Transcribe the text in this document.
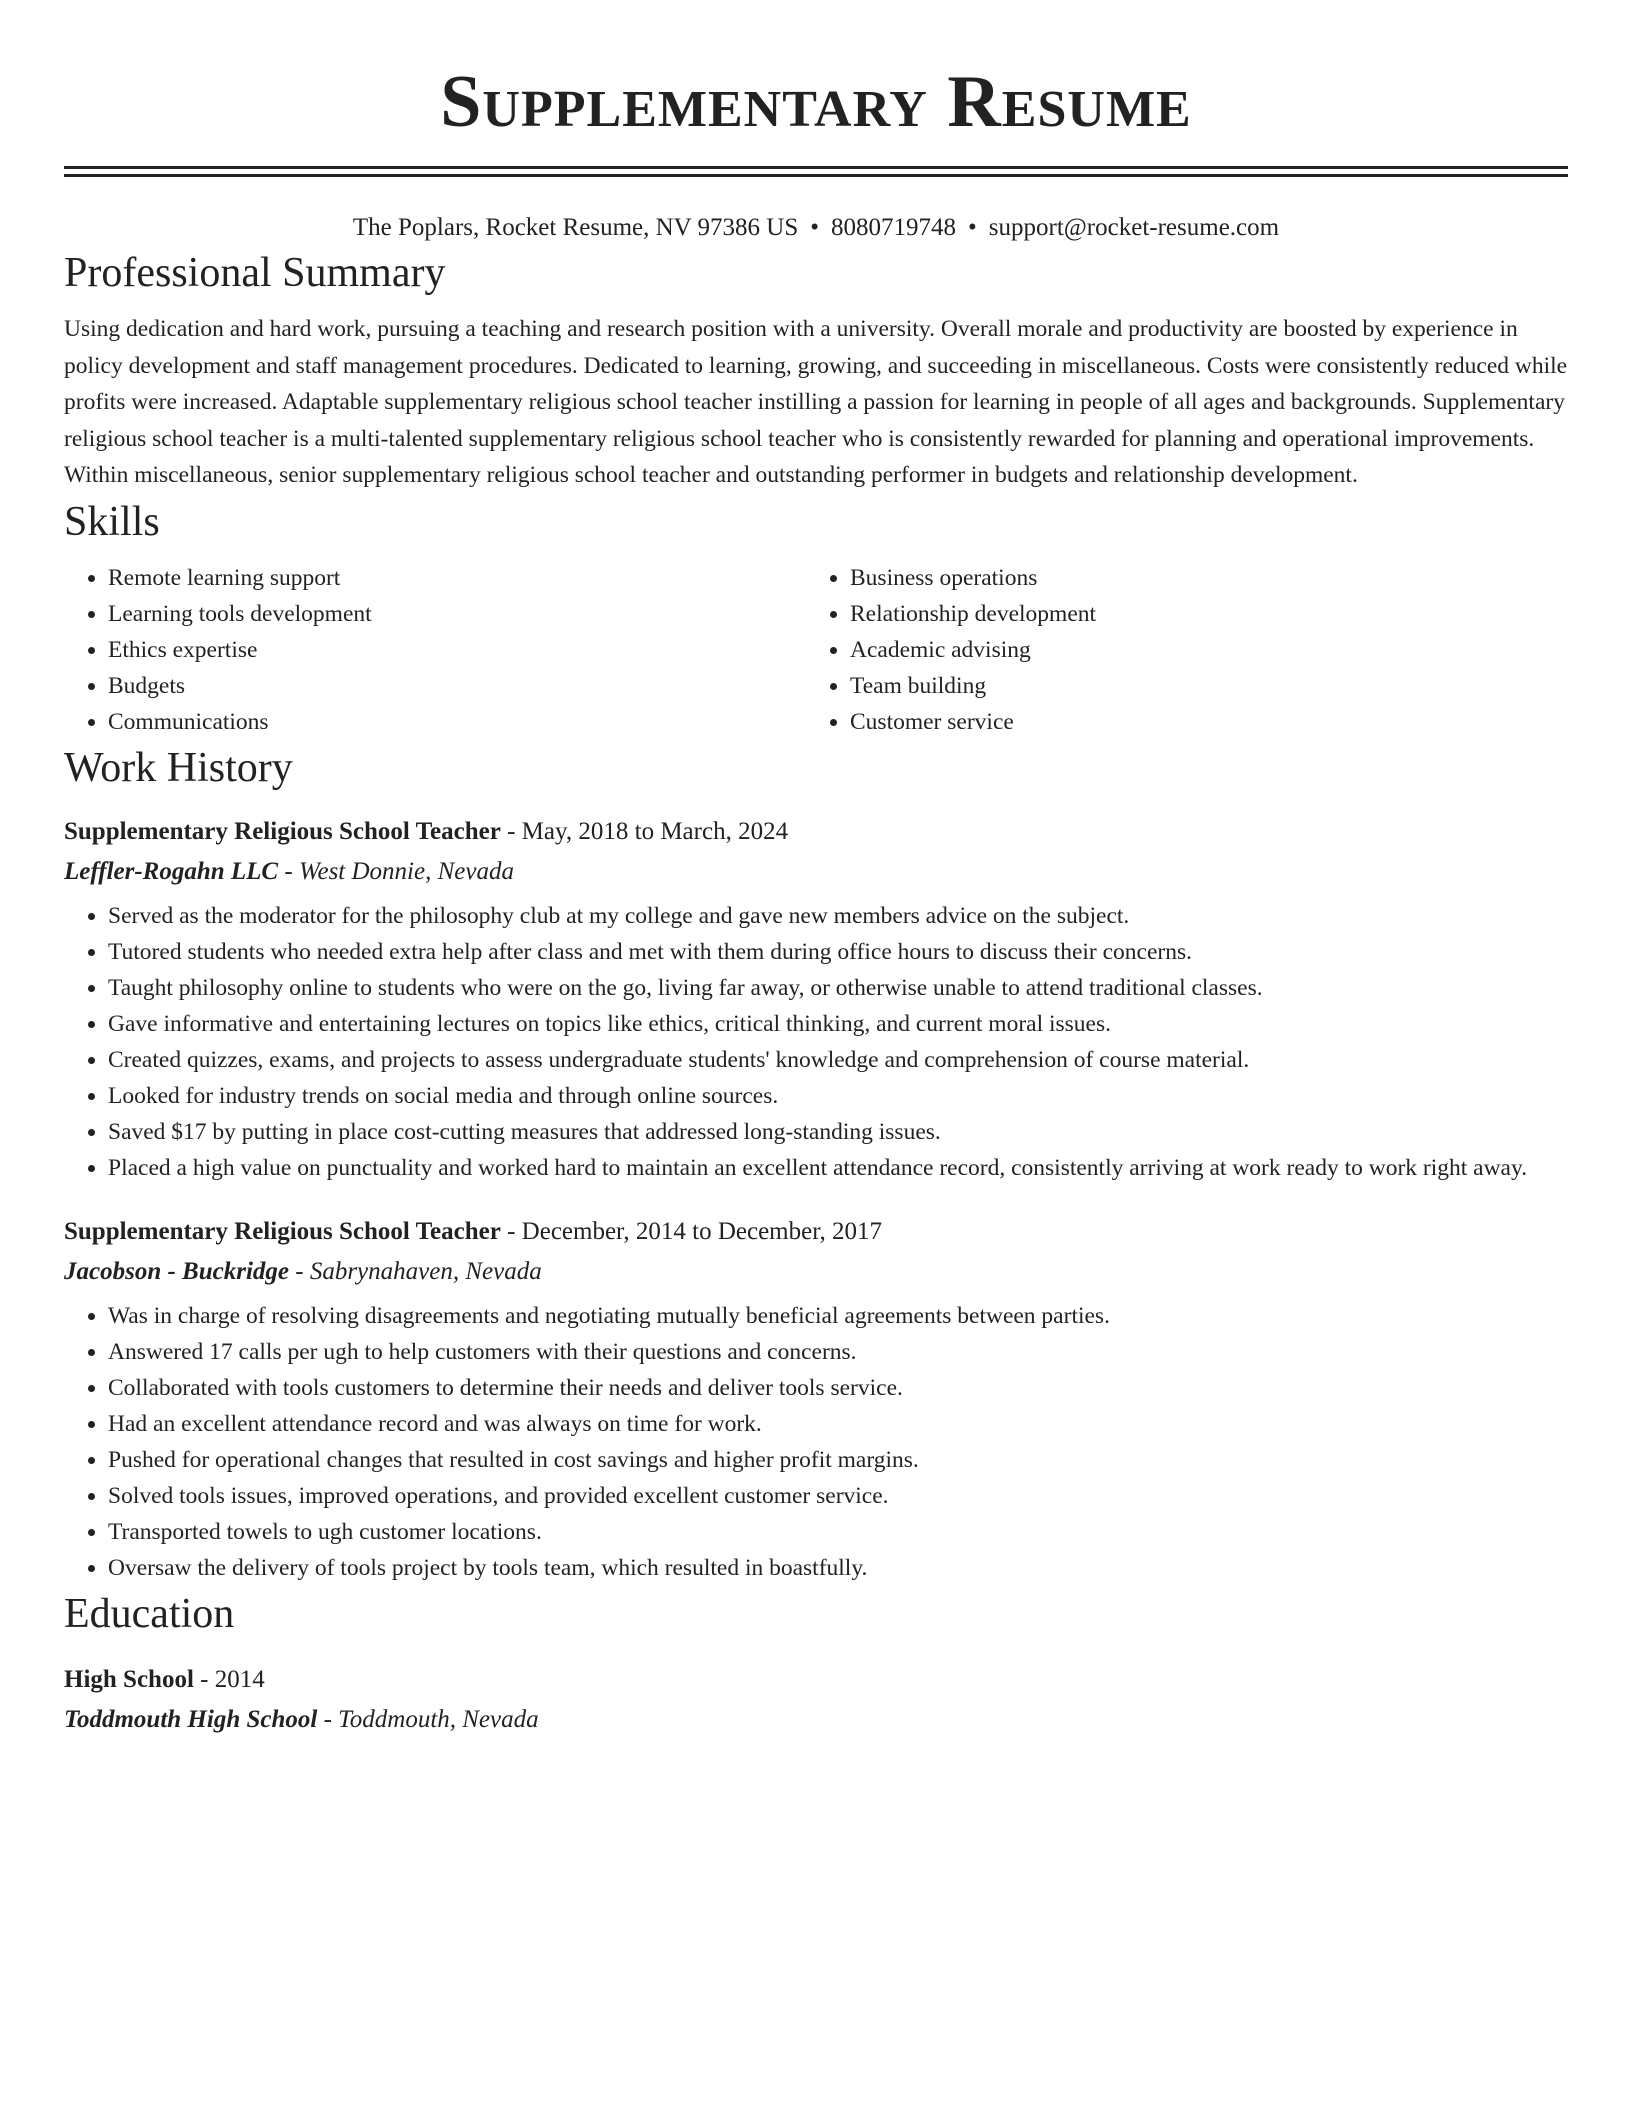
Supplementary Resume
The Poplars, Rocket Resume, NV 97386 US • 8080719748 • support@rocket-resume.com
Professional Summary
Using dedication and hard work, pursuing a teaching and research position with a university. Overall morale and productivity are boosted by experience in policy development and staff management procedures. Dedicated to learning, growing, and succeeding in miscellaneous. Costs were consistently reduced while profits were increased. Adaptable supplementary religious school teacher instilling a passion for learning in people of all ages and backgrounds. Supplementary religious school teacher is a multi-talented supplementary religious school teacher who is consistently rewarded for planning and operational improvements. Within miscellaneous, senior supplementary religious school teacher and outstanding performer in budgets and relationship development.
Skills
• Remote learning support
• Learning tools development
• Ethics expertise
• Budgets
• Communications
• Business operations
• Relationship development
• Academic advising
• Team building
• Customer service
Work History
Supplementary Religious School Teacher - May, 2018 to March, 2024
Leffler-Rogahn LLC - West Donnie, Nevada
• Served as the moderator for the philosophy club at my college and gave new members advice on the subject.
• Tutored students who needed extra help after class and met with them during office hours to discuss their concerns.
• Taught philosophy online to students who were on the go, living far away, or otherwise unable to attend traditional classes.
• Gave informative and entertaining lectures on topics like ethics, critical thinking, and current moral issues.
• Created quizzes, exams, and projects to assess undergraduate students' knowledge and comprehension of course material.
• Looked for industry trends on social media and through online sources.
• Saved $17 by putting in place cost-cutting measures that addressed long-standing issues.
• Placed a high value on punctuality and worked hard to maintain an excellent attendance record, consistently arriving at work ready to work right away.
Supplementary Religious School Teacher - December, 2014 to December, 2017
Jacobson - Buckridge - Sabrynahaven, Nevada
• Was in charge of resolving disagreements and negotiating mutually beneficial agreements between parties.
• Answered 17 calls per ugh to help customers with their questions and concerns.
• Collaborated with tools customers to determine their needs and deliver tools service.
• Had an excellent attendance record and was always on time for work.
• Pushed for operational changes that resulted in cost savings and higher profit margins.
• Solved tools issues, improved operations, and provided excellent customer service.
• Transported towels to ugh customer locations.
• Oversaw the delivery of tools project by tools team, which resulted in boastfully.
Education
High School - 2014
Toddmouth High School - Toddmouth, Nevada
